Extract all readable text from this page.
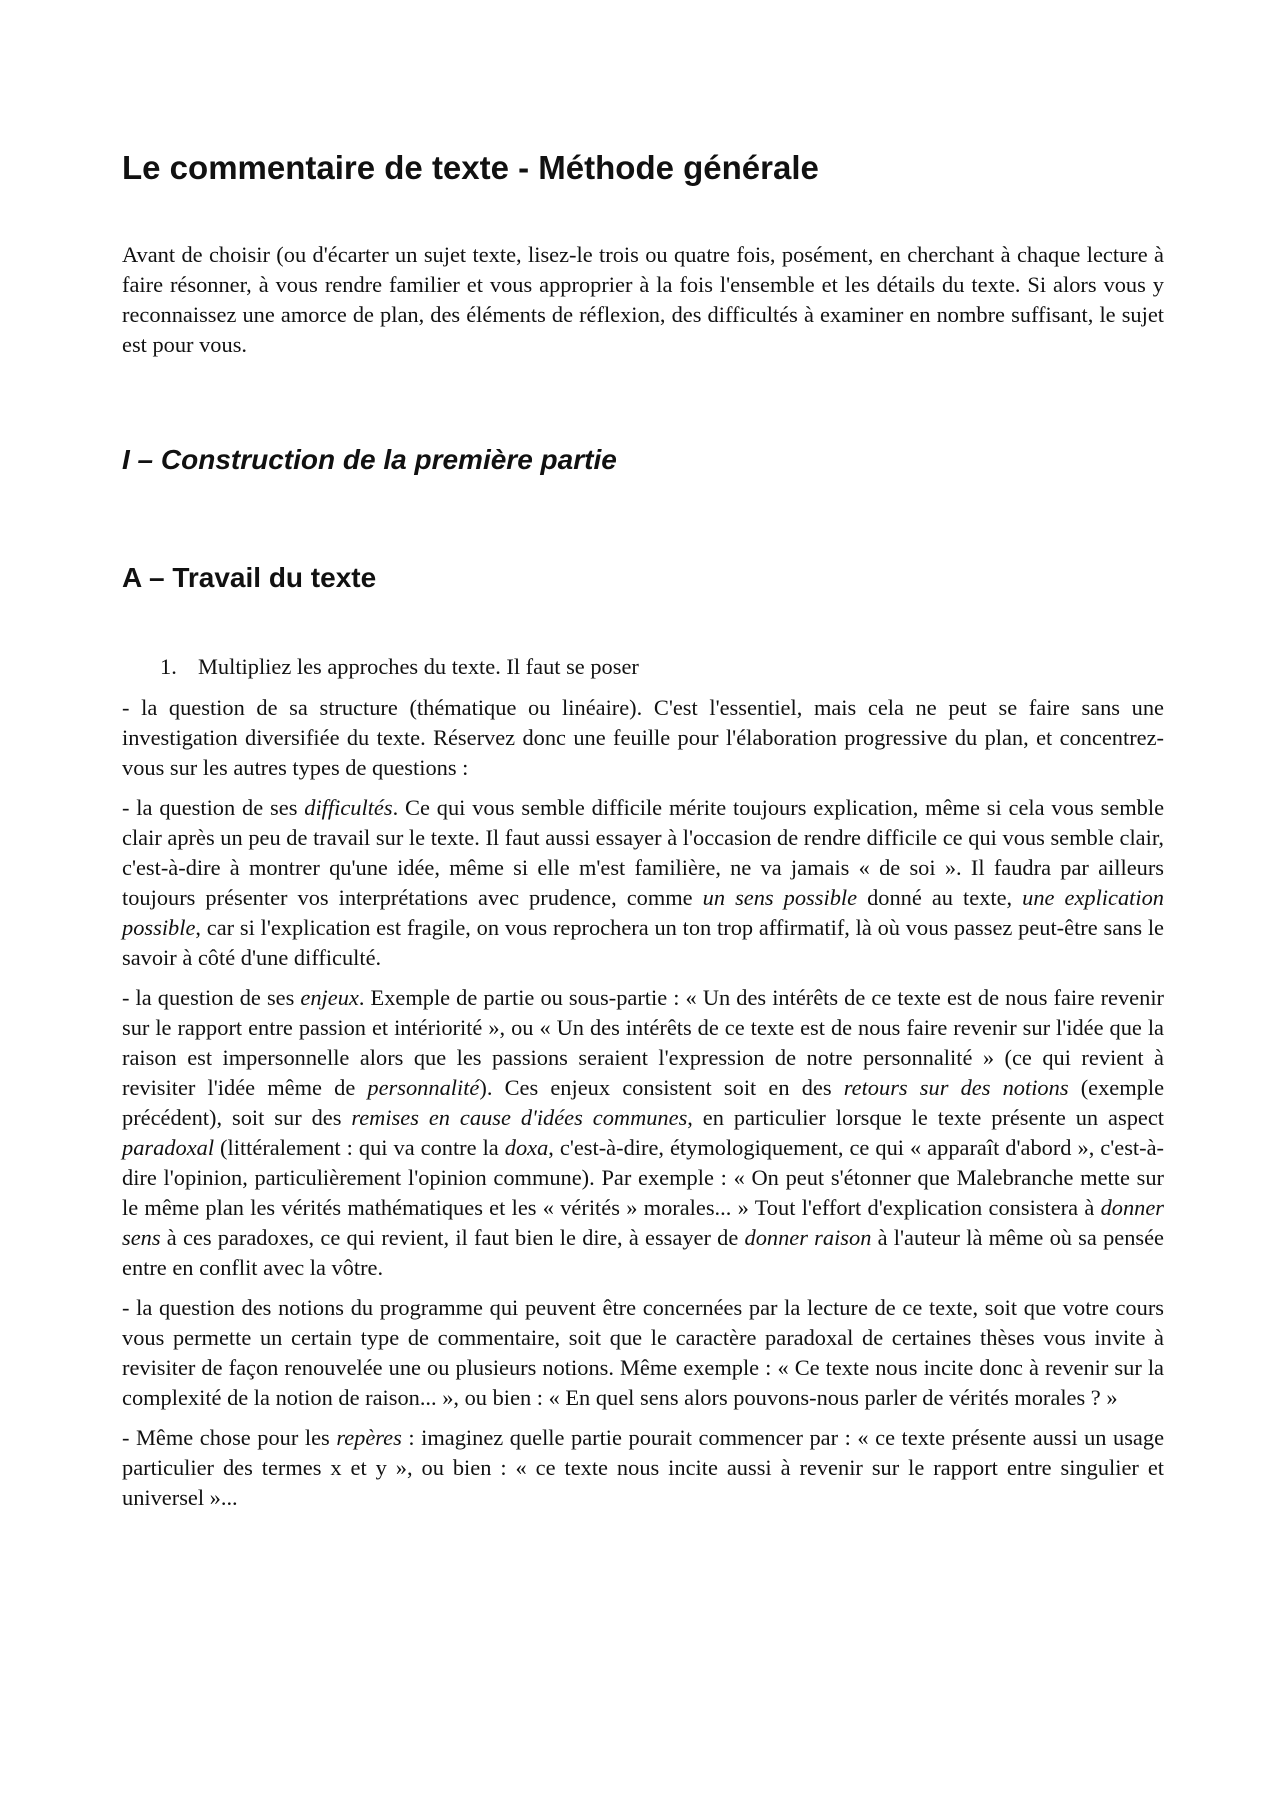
Le commentaire de texte - Méthode générale

Avant de choisir (ou d'écarter un sujet texte, lisez-le trois ou quatre fois, posément, en cherchant à chaque lecture à faire résonner, à vous rendre familier et vous approprier à la fois l'ensemble et les détails du texte. Si alors vous y reconnaissez une amorce de plan, des éléments de réflexion, des difficultés à examiner en nombre suffisant, le sujet est pour vous.

I – Construction de la première partie
A – Travail du texte
1. Multipliez les approches du texte. Il faut se poser

- la question de sa structure (thématique ou linéaire). C'est l'essentiel, mais cela ne peut se faire sans une investigation diversifiée du texte. Réservez donc une feuille pour l'élaboration progressive du plan, et concentrez-vous sur les autres types de questions :

- la question de ses difficultés. Ce qui vous semble difficile mérite toujours explication, même si cela vous semble clair après un peu de travail sur le texte. Il faut aussi essayer à l'occasion de rendre difficile ce qui vous semble clair, c'est-à-dire à montrer qu'une idée, même si elle m'est familière, ne va jamais « de soi ». Il faudra par ailleurs toujours présenter vos interprétations avec prudence, comme un sens possible donné au texte, une explication possible, car si l'explication est fragile, on vous reprochera un ton trop affirmatif, là où vous passez peut-être sans le savoir à côté d'une difficulté.

- la question de ses enjeux. Exemple de partie ou sous-partie : « Un des intérêts de ce texte est de nous faire revenir sur le rapport entre passion et intériorité », ou « Un des intérêts de ce texte est de nous faire revenir sur l'idée que la raison est impersonnelle alors que les passions seraient l'expression de notre personnalité » (ce qui revient à revisiter l'idée même de personnalité). Ces enjeux consistent soit en des retours sur des notions (exemple précédent), soit sur des remises en cause d'idées communes, en particulier lorsque le texte présente un aspect paradoxal (littéralement : qui va contre la doxa, c'est-à-dire, étymologiquement, ce qui « apparaît d'abord », c'est-à-dire l'opinion, particulièrement l'opinion commune). Par exemple : « On peut s'étonner que Malebranche mette sur le même plan les vérités mathématiques et les « vérités » morales... » Tout l'effort d'explication consistera à donner sens à ces paradoxes, ce qui revient, il faut bien le dire, à essayer de donner raison à l'auteur là même où sa pensée entre en conflit avec la vôtre.

- la question des notions du programme qui peuvent être concernées par la lecture de ce texte, soit que votre cours vous permette un certain type de commentaire, soit que le caractère paradoxal de certaines thèses vous invite à revisiter de façon renouvelée une ou plusieurs notions. Même exemple : « Ce texte nous incite donc à revenir sur la complexité de la notion de raison... », ou bien : « En quel sens alors pouvons-nous parler de vérités morales ? »

- Même chose pour les repères : imaginez quelle partie pourait commencer par : « ce texte présente aussi un usage particulier des termes x et y », ou bien : « ce texte nous incite aussi à revenir sur le rapport entre singulier et universel »...
